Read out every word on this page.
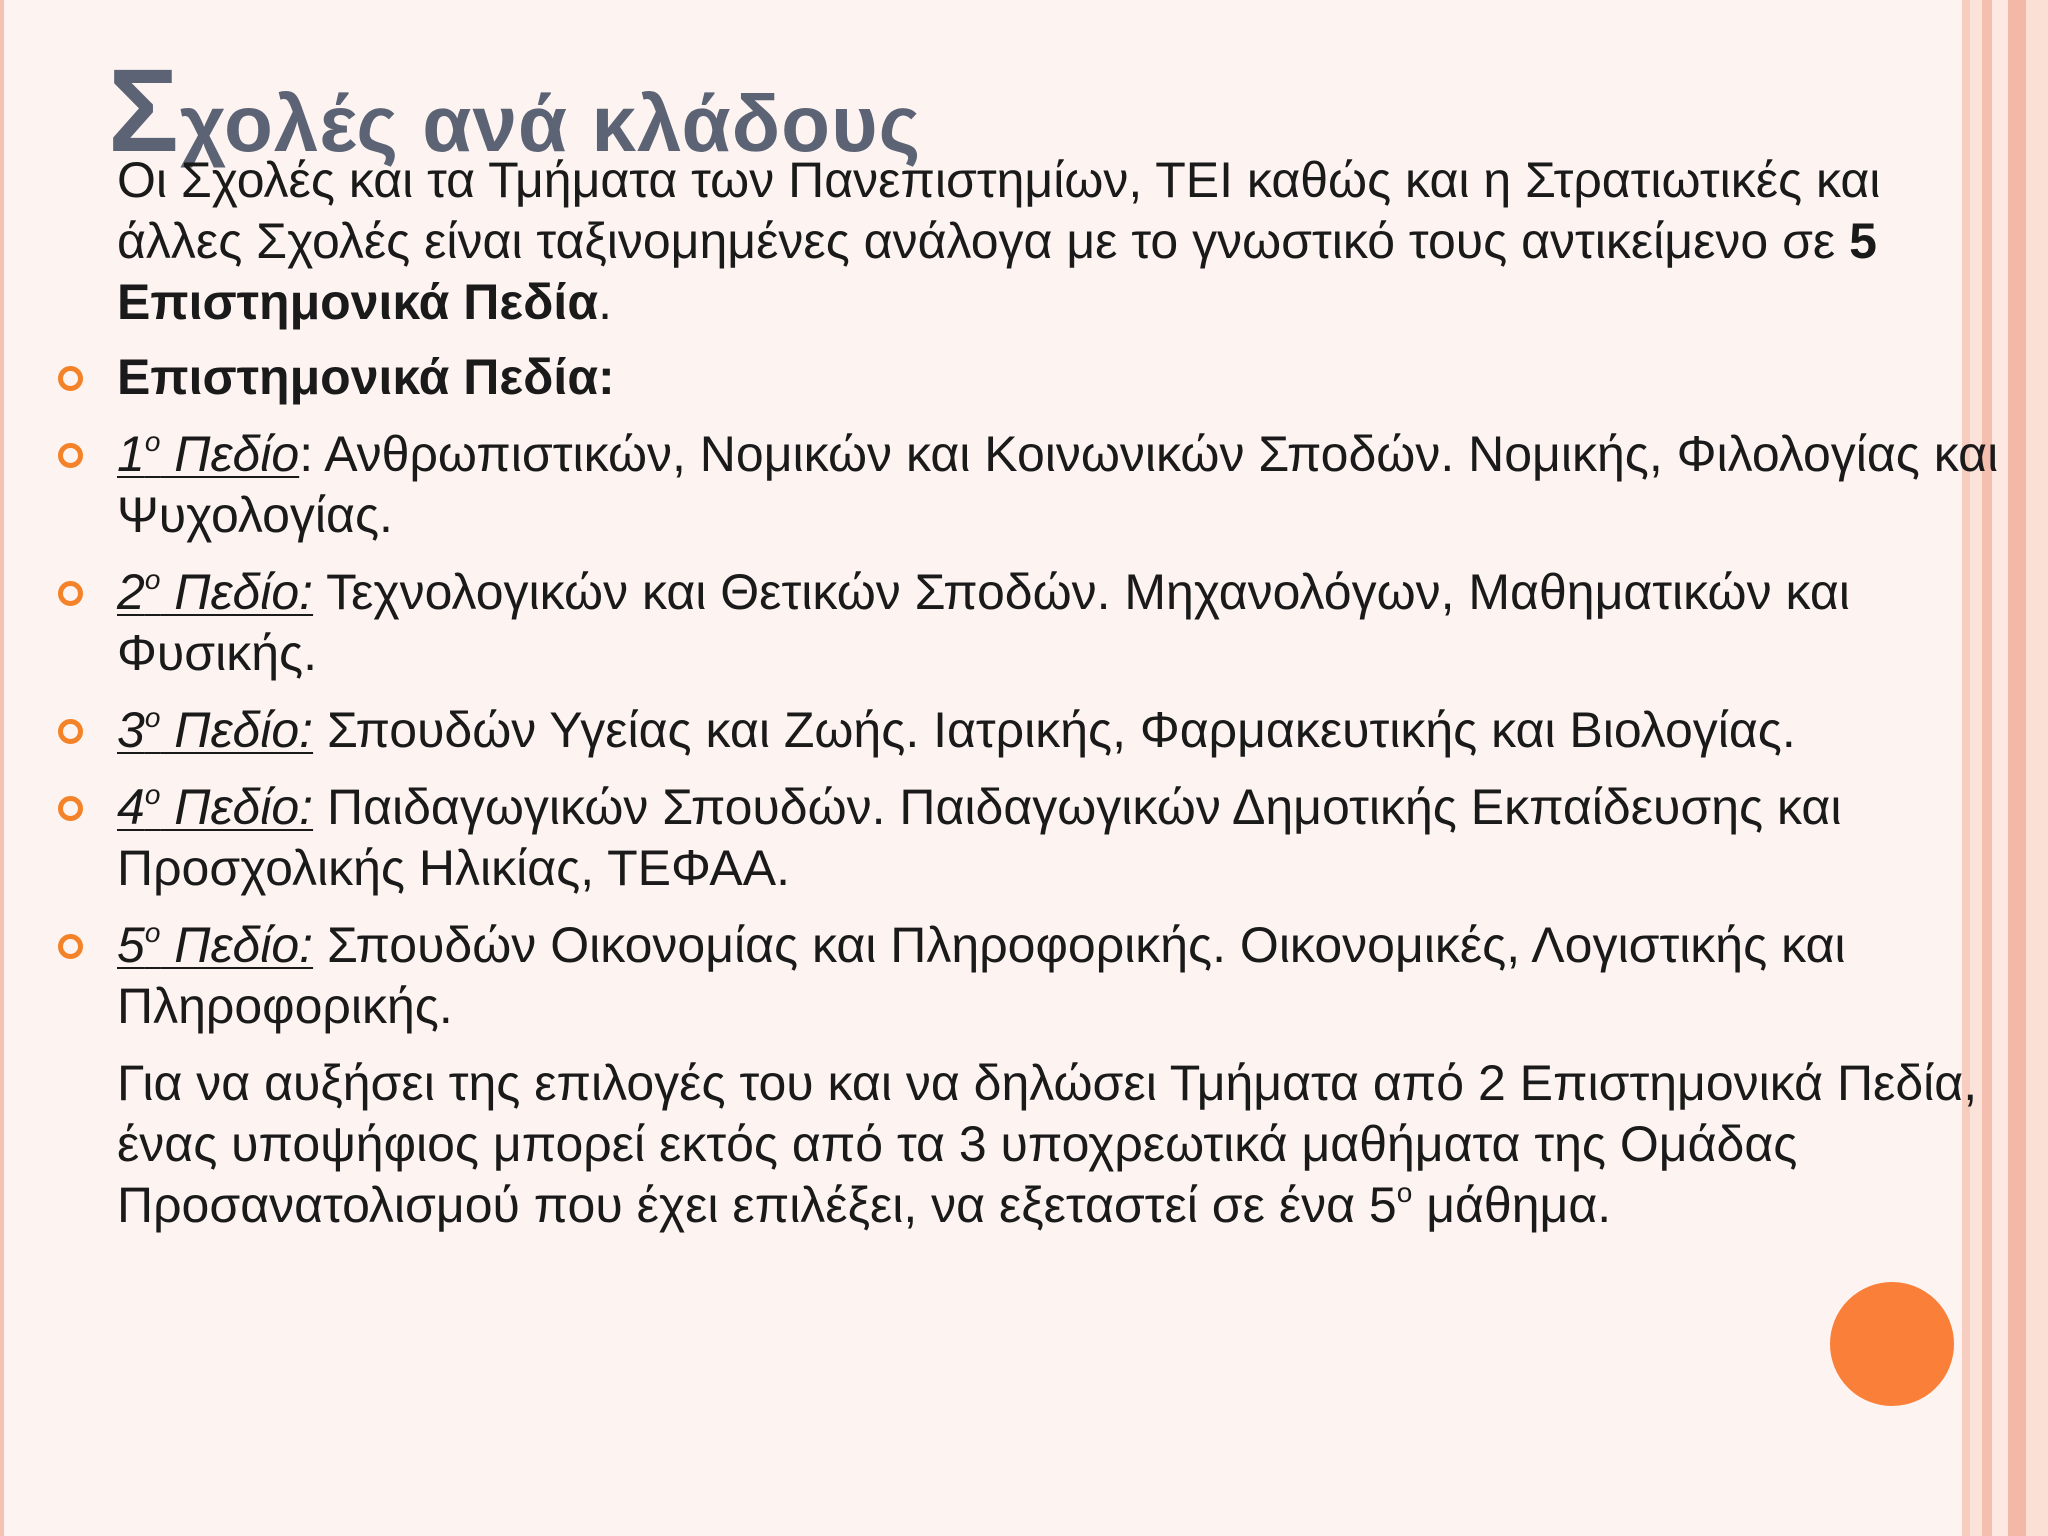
Σχολές ανά κλάδους

Οι Σχολές και τα Τμήματα των Πανεπιστημίων, ΤΕΙ καθώς και η Στρατιωτικές και άλλες Σχολές είναι ταξινομημένες ανάλογα με το γνωστικό τους αντικείμενο σε 5 Επιστημονικά Πεδία.

Επιστημονικά Πεδία:

$1^o$ Πεδίο: Ανθρωπιστικών, Νομικών και Κοινωνικών Σποδών. Νομικής, Φιλολογίας και Ψυχολογίας.

$2^o$ Πεδίο: Τεχνολογικών και Θετικών Σποδών. Μηχανολόγων, Μαθηματικών και Φυσικής.

$3^o$ Πεδίο: Σπουδών Υγείας και Ζωής. Ιατρικής, Φαρμακευτικής και Βιολογίας.

$4^o$ Πεδίο: Παιδαγωγικών Σπουδών. Παιδαγωγικών Δημοτικής Εκπαίδευσης και Προσχολικής Ηλικίας, ΤΕΦΑΑ.

$5^o$ Πεδίο: Σπουδών Οικονομίας και Πληροφορικής. Οικονομικές, Λογιστικής και Πληροφορικής.

Για να αυξήσει της επιλογές του και να δηλώσει Τμήματα από 2 Επιστημονικά Πεδία, ένας υποψήφιος μπορεί εκτός από τα 3 υποχρεωτικά μαθήματα της Ομάδας Προσανατολισμού που έχει επιλέξει, να εξεταστεί σε ένα $5^o$ μάθημα.
